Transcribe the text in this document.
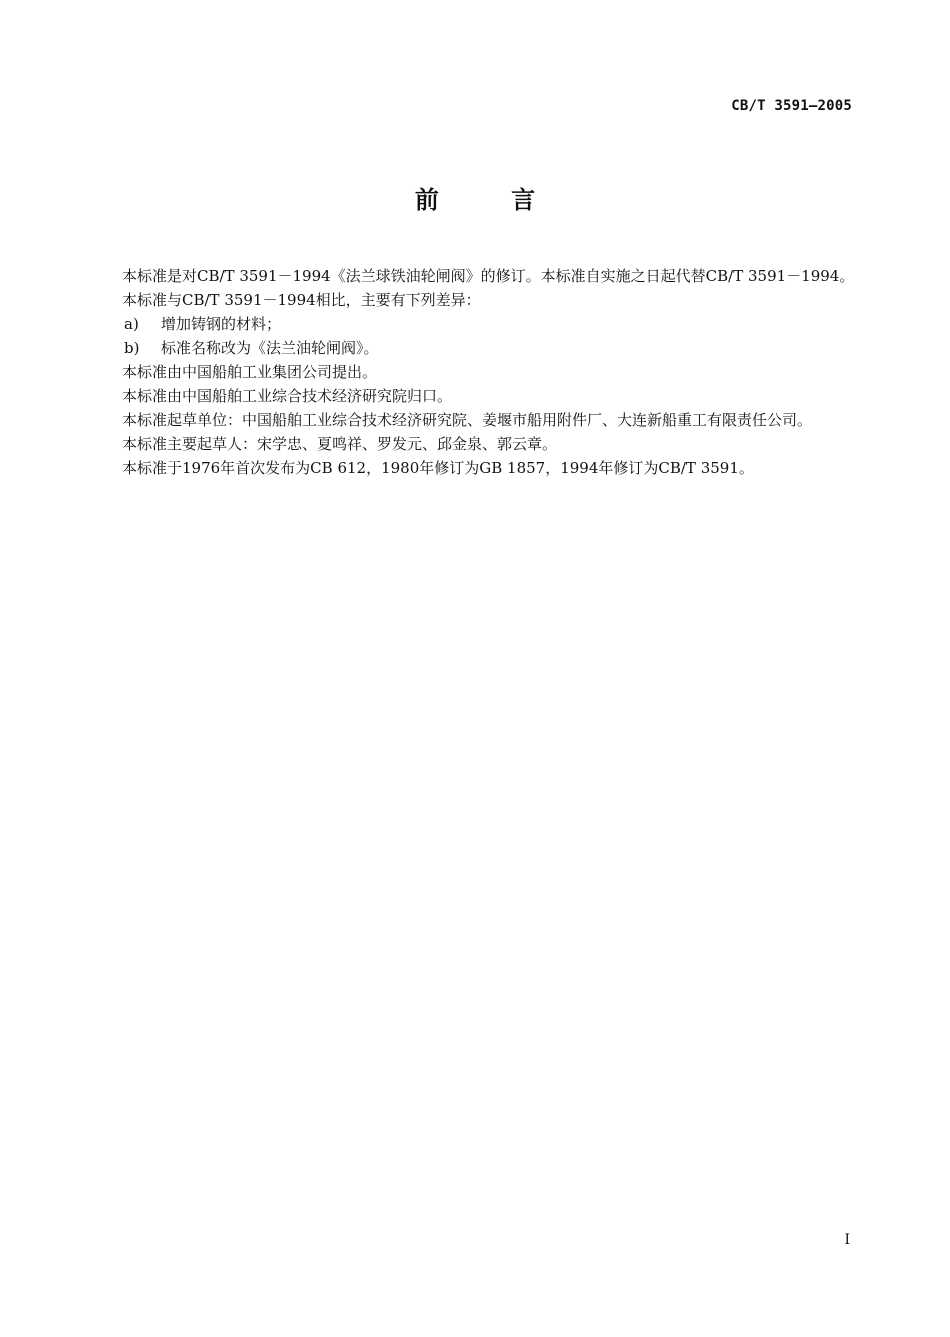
CB/T 3591—2005
前 言

本标准是对CB/T 3591－1994《法兰球铁油轮闸阀》的修订。本标准自实施之日起代替CB/T 3591－1994。

本标准与CB/T 3591－1994相比，主要有下列差异：

a)	增加铸钢的材料；
b)	标准名称改为《法兰油轮闸阀》。

本标准由中国船舶工业集团公司提出。

本标准由中国船舶工业综合技术经济研究院归口。

本标准起草单位：中国船舶工业综合技术经济研究院、姜堰市船用附件厂、大连新船重工有限责任公司。

本标准主要起草人：宋学忠、夏鸣祥、罗发元、邱金泉、郭云章。

本标准于1976年首次发布为CB 612，1980年修订为GB 1857，1994年修订为CB/T 3591。

I
